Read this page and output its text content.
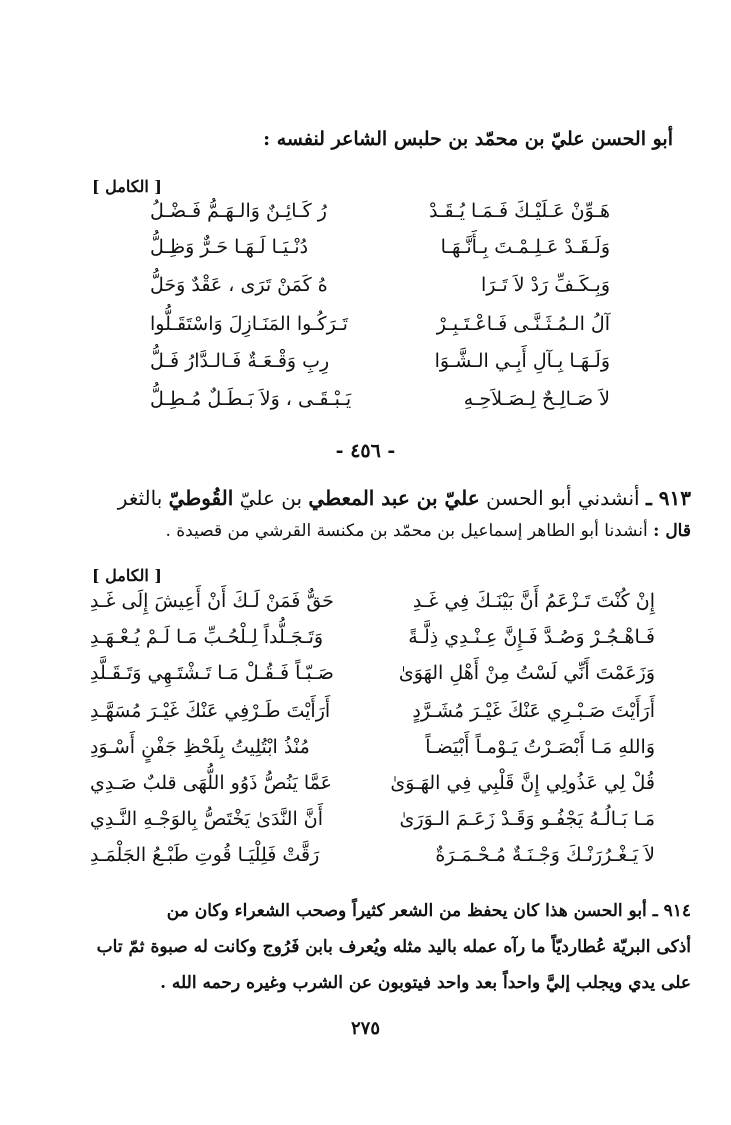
أبو الحسن عليّ بن محمّد بن حلبس الشاعر لنفسه :
[ الكامل ]
هَـوِّنْ عَـلَيْـكَ فَـمَـا يُـقَـدْ
رُ كَـائِـنٌ وَالـهَـمُّ فَـضْـلُ
وَلَـقَـدْ عَـلِـمْـتَ بِـأَنَّـهَـا
دُنْـيَـا لَـهَـا حَـرٌّ وَظِـلُّ
وَبِـكَـفِّ رَدْ لاَ تَـرَا
هُ كَمَنْ تَرَى ، عَقْدٌ وَحَلُّ
آلُ الـمُـثَـنَّـى فَـاعْـتَـبِـرْ
تَـرَكُـوا المَنَـازِلَ وَاسْتَقَـلُّوا
وَلَـهَـا بِـآلِ أَبِـي الـشَّـوَا
رِبِ وَقْـعَـةٌ فَـالـدَّارُ فَـلُّ
لاَ صَـالِـحٌ لِـصَـلاَحِـهِ
يَـبْـقَـى ، وَلاَ بَـطَـلٌ مُـطِـلُّ
- ٤٥٦ -
٩١٣ ـ أنشدني أبو الحسن عليّ بن عبد المعطي بن عليّ القُوطيّ بالثغر
قال : أنشدنا أبو الطاهر إسماعيل بن محمّد بن مكنسة القرشي من قصيدة .
[ الكامل ]
إِنْ كُنْتَ تَـزْعَمُ أَنَّ بَيْنَـكَ فِي غَـدِ
حَقٌّ فَمَنْ لَـكَ أَنْ أَعِيشَ إِلَى غَـدِ
فَـاهْـجُـرْ وَصُـدَّ فَـإِنَّ عِـنْـدِي ذِلَّـةً
وَتَـجَـلُّداً لِـلْحُـبِّ مَـا لَـمْ يُـعْـهَـدِ
وَزَعَمْتَ أَنِّي لَسْتُ مِنْ أَهْلِ الهَوَىٰ
صَـبّـاً فَـقُـلْ مَـا تَـشْتَـهِي وَتَـقَـلَّدِ
أَرَأَيْتَ صَـبْـرِي عَنْكَ غَيْـرَ مُشَـرَّدٍ
أَرَأَيْتَ طَـرْفِي عَنْكَ غَيْـرَ مُسَهَّـدِ
وَاللهِ مَـا أَبْصَـرْتُ يَـوْمـاً أَبْيَضـاً
مُنْذُ ابْتُلِيتُ بِلَحْظِ جَفْنٍ أَسْـوَدِ
قُلْ لِي عَذُولِي إِنَّ قَلْبِي فِي الهَـوَىٰ
عَمَّا يَنُصُّ ذَوُو اللُّهَى قلبٌ صَـدِي
مَـا بَـالُـهُ يَجْفُـو وَقَـدْ زَعَـمَ الـوَرَىٰ
أَنَّ النَّدَىٰ يَخْتَصُّ بِالوَجْـهِ النَّـدِي
لاَ يَـغْـرُرَنْـكَ وَجْـنَـةٌ مُـحْـمَـرَةٌ
رَقَّتْ فَلِلْيَـا قُوتِ طَبْـعُ الجَلْمَـدِ

٩١٤ ـ أبو الحسن هذا كان يحفظ من الشعر كثيراً وصحب الشعراء وكان من

أذكى البريّة عُطارديّاً ما رآه عمله باليد مثله ويُعرف بابن فَرُوج وكانت له صبوة ثمّ تاب

على يدي ويجلب إليَّ واحداً بعد واحد فيتوبون عن الشرب وغيره رحمه الله .

٢٧٥
